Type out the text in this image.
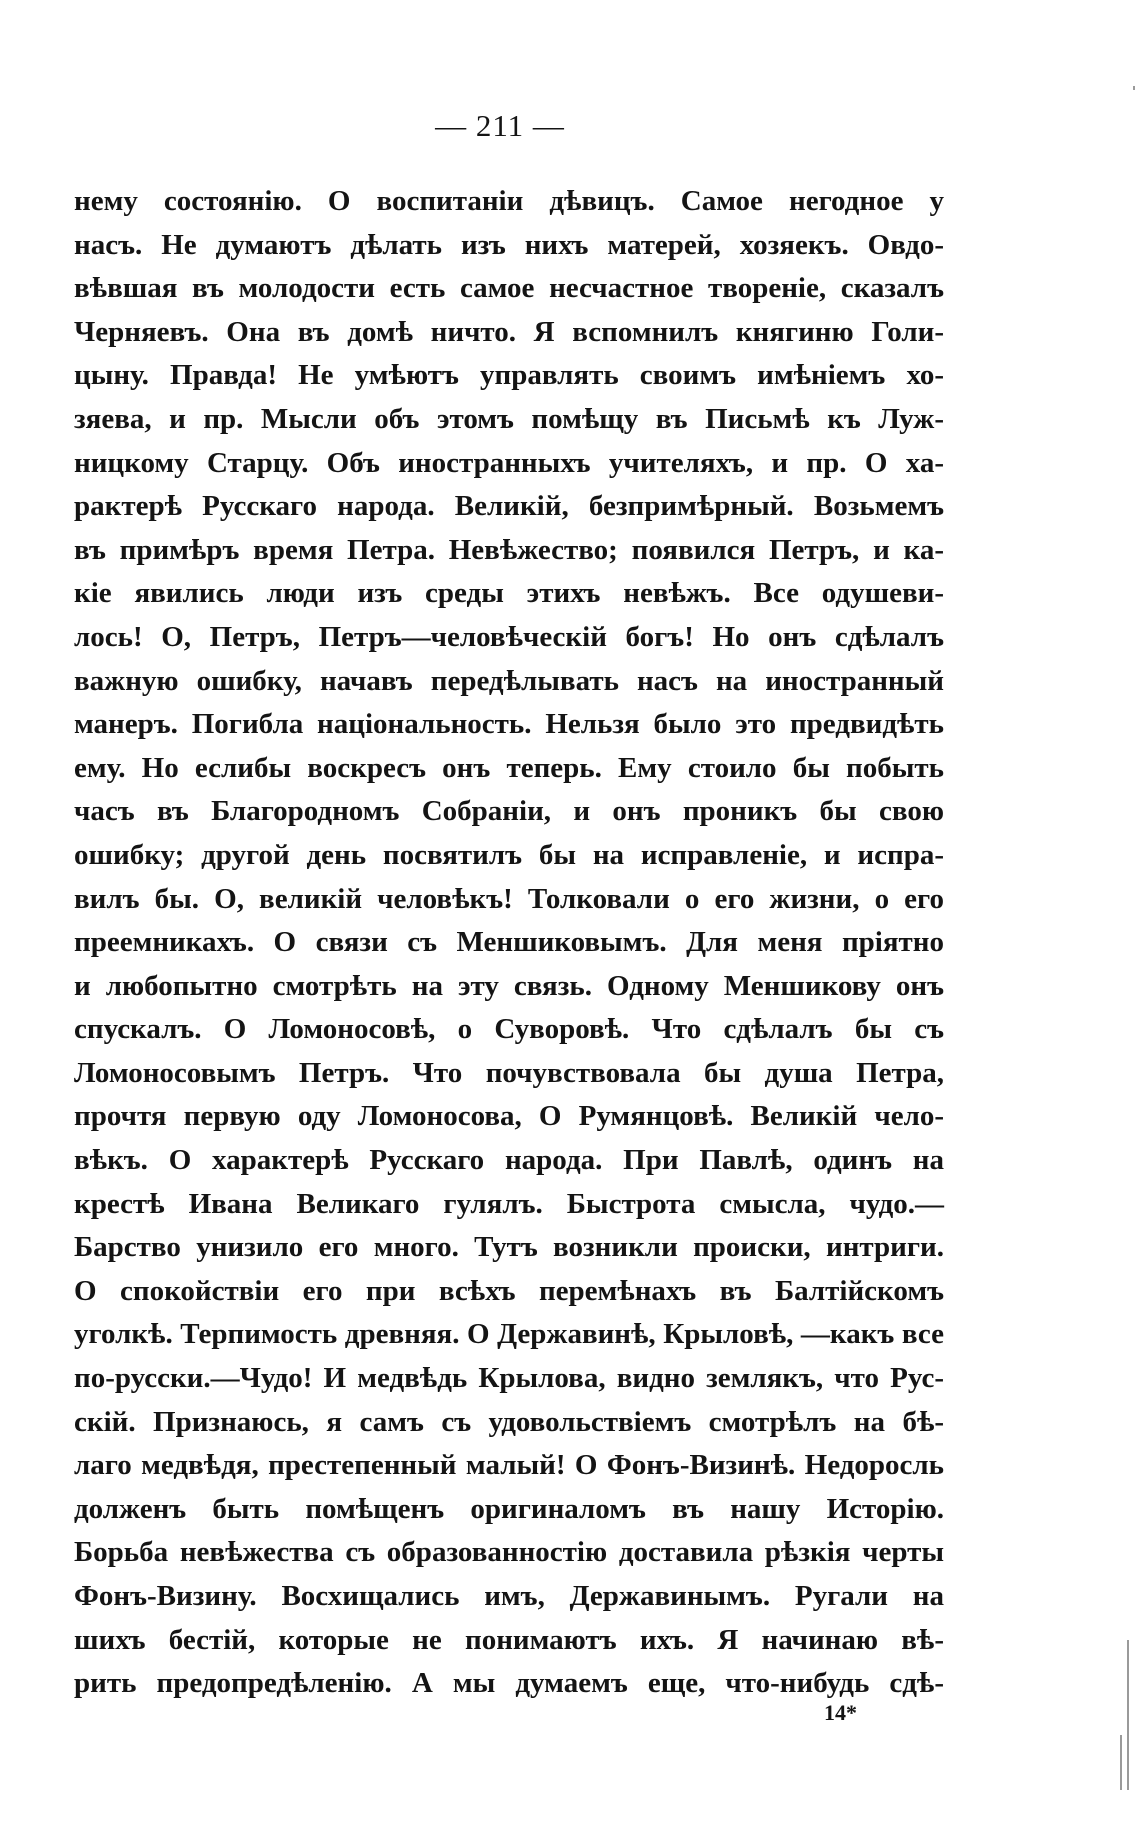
— 211 —
нему состоянію. О воспитаніи дѣвицъ. Самое негодное у
насъ. Не думаютъ дѣлать изъ нихъ матерей, хозяекъ. Овдо-
вѣвшая въ молодости есть самое несчастное твореніе, сказалъ
Черняевъ. Она въ домѣ ничто. Я вспомнилъ княгиню Голи-
цыну. Правда! Не умѣютъ управлять своимъ имѣніемъ хо-
зяева, и пр. Мысли объ этомъ помѣщу въ Письмѣ къ Луж-
ницкому Старцу. Объ иностранныхъ учителяхъ, и пр. О ха-
рактерѣ Русскаго народа. Великій, безпримѣрный. Возьмемъ
въ примѣръ время Петра. Невѣжество; появился Петръ, и ка-
кіе явились люди изъ среды этихъ невѣжъ. Все одушеви-
лось! О, Петръ, Петръ—человѣческій богъ! Но онъ сдѣлалъ
важную ошибку, начавъ передѣлывать насъ на иностранный
манеръ. Погибла національность. Нельзя было это предвидѣть
ему. Но еслибы воскресъ онъ теперь. Ему стоило бы побыть
часъ въ Благородномъ Собраніи, и онъ проникъ бы свою
ошибку; другой день посвятилъ бы на исправленіе, и испра-
вилъ бы. О, великій человѣкъ! Толковали о его жизни, о его
преемникахъ. О связи съ Меншиковымъ. Для меня пріятно
и любопытно смотрѣть на эту связь. Одному Меншикову онъ
спускалъ. О Ломоносовѣ, о Суворовѣ. Что сдѣлалъ бы съ
Ломоносовымъ Петръ. Что почувствовала бы душа Петра,
прочтя первую оду Ломоносова, О Румянцовѣ. Великій чело-
вѣкъ. О характерѣ Русскаго народа. При Павлѣ, одинъ на
крестѣ Ивана Великаго гулялъ. Быстрота смысла, чудо.—
Барство унизило его много. Тутъ возникли происки, интриги.
О спокойствіи его при всѣхъ перемѣнахъ въ Балтійскомъ
уголкѣ. Терпимость древняя. О Державинѣ, Крыловѣ, —какъ все
по-русски.—Чудо! И медвѣдь Крылова, видно землякъ, что Рус-
скій. Признаюсь, я самъ съ удовольствіемъ смотрѣлъ на бѣ-
лаго медвѣдя, престепенный малый! О Фонъ-Визинѣ. Недоросль
долженъ быть помѣщенъ оригиналомъ въ нашу Исторію.
Борьба невѣжества съ образованностію доставила рѣзкія черты
Фонъ-Визину. Восхищались имъ, Державинымъ. Ругали на
шихъ бестій, которые не понимаютъ ихъ. Я начинаю вѣ-
рить предопредѣленію. А мы думаемъ еще, что-нибудь сдѣ-
14*
